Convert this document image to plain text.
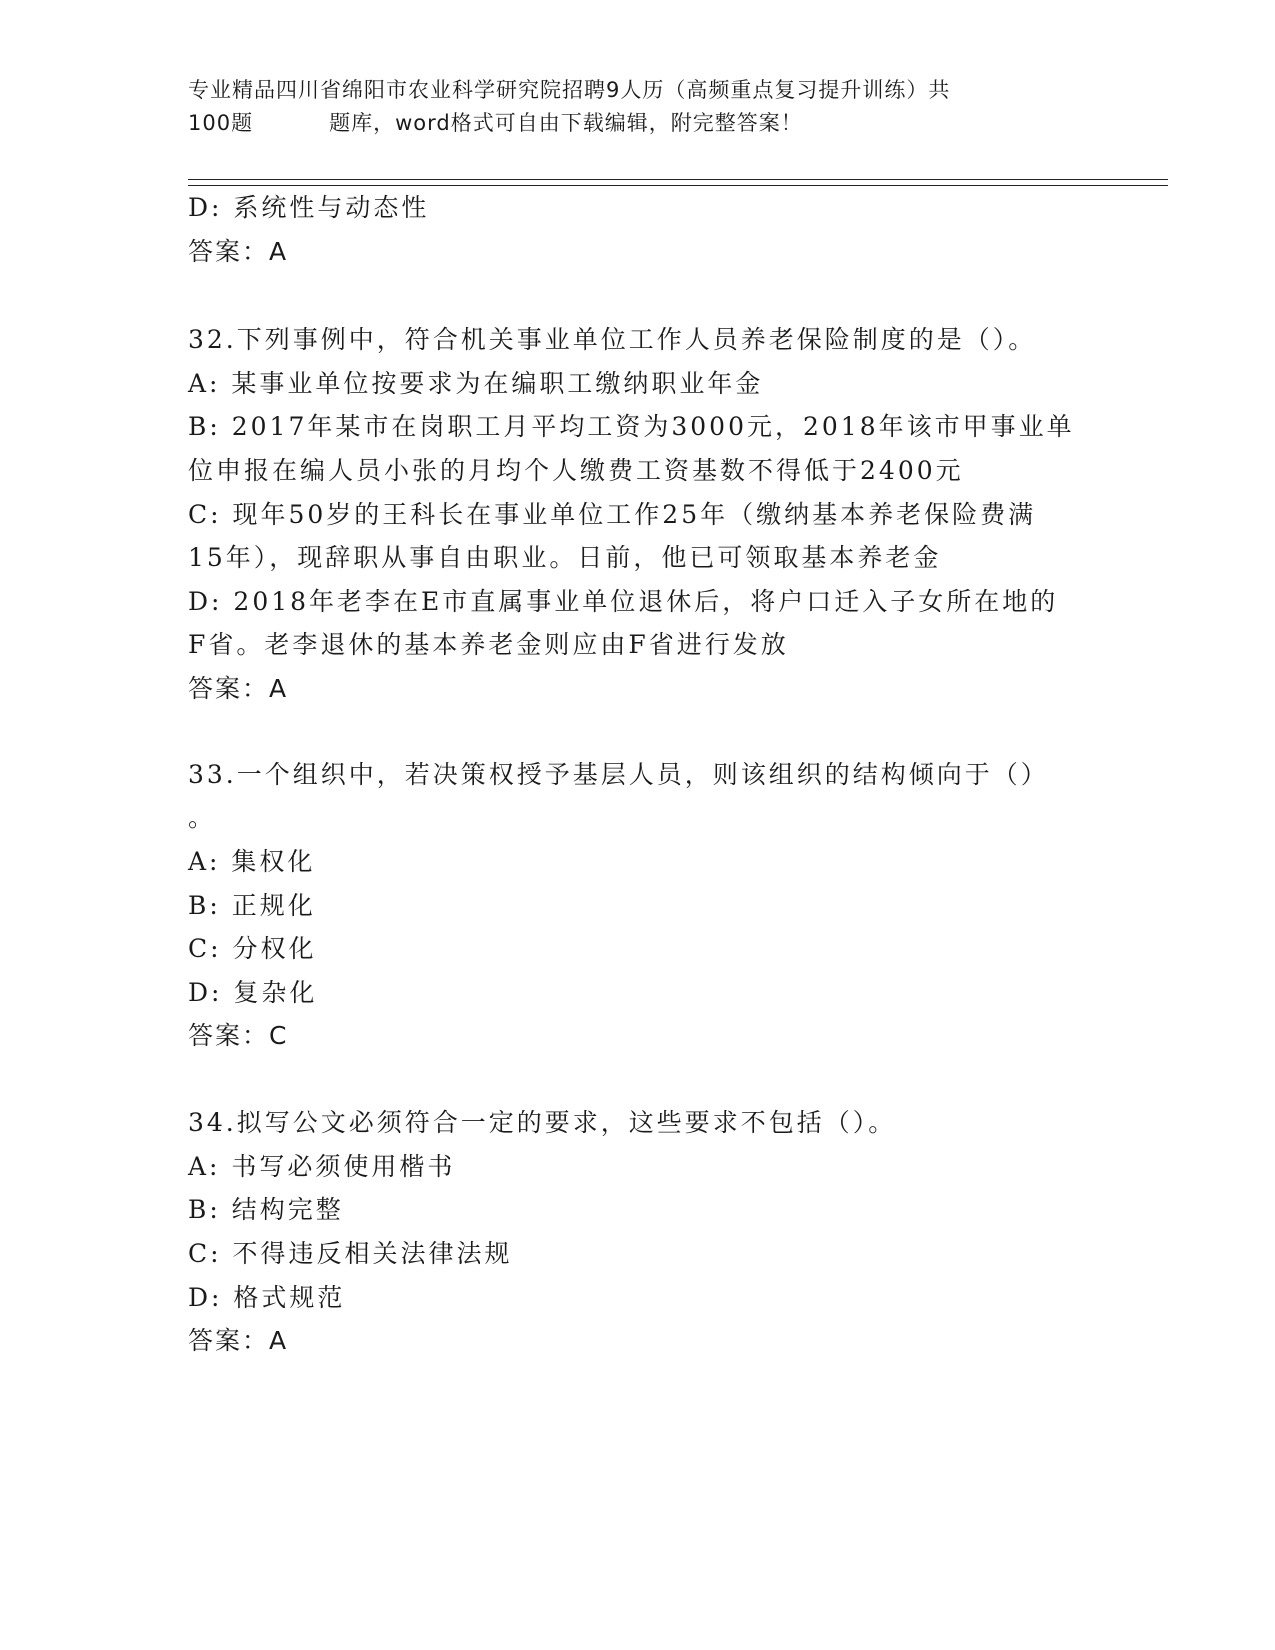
专业精品四川省绵阳市农业科学研究院招聘9人历（高频重点复习提升训练）共
100题	题库，word格式可自由下载编辑，附完整答案！
D: 系统性与动态性
答案：A
32.下列事例中，符合机关事业单位工作人员养老保险制度的是（）。
A: 某事业单位按要求为在编职工缴纳职业年金
B: 2017年某市在岗职工月平均工资为3000元，2018年该市甲事业单
位申报在编人员小张的月均个人缴费工资基数不得低于2400元
C: 现年50岁的王科长在事业单位工作25年（缴纳基本养老保险费满
15年），现辞职从事自由职业。日前，他已可领取基本养老金
D: 2018年老李在E市直属事业单位退休后，将户口迁入子女所在地的
F省。老李退休的基本养老金则应由F省进行发放
答案：A
33.一个组织中，若决策权授予基层人员，则该组织的结构倾向于（）
。
A: 集权化
B: 正规化
C: 分权化
D: 复杂化
答案：C
34.拟写公文必须符合一定的要求，这些要求不包括（）。
A: 书写必须使用楷书
B: 结构完整
C: 不得违反相关法律法规
D: 格式规范
答案：A
